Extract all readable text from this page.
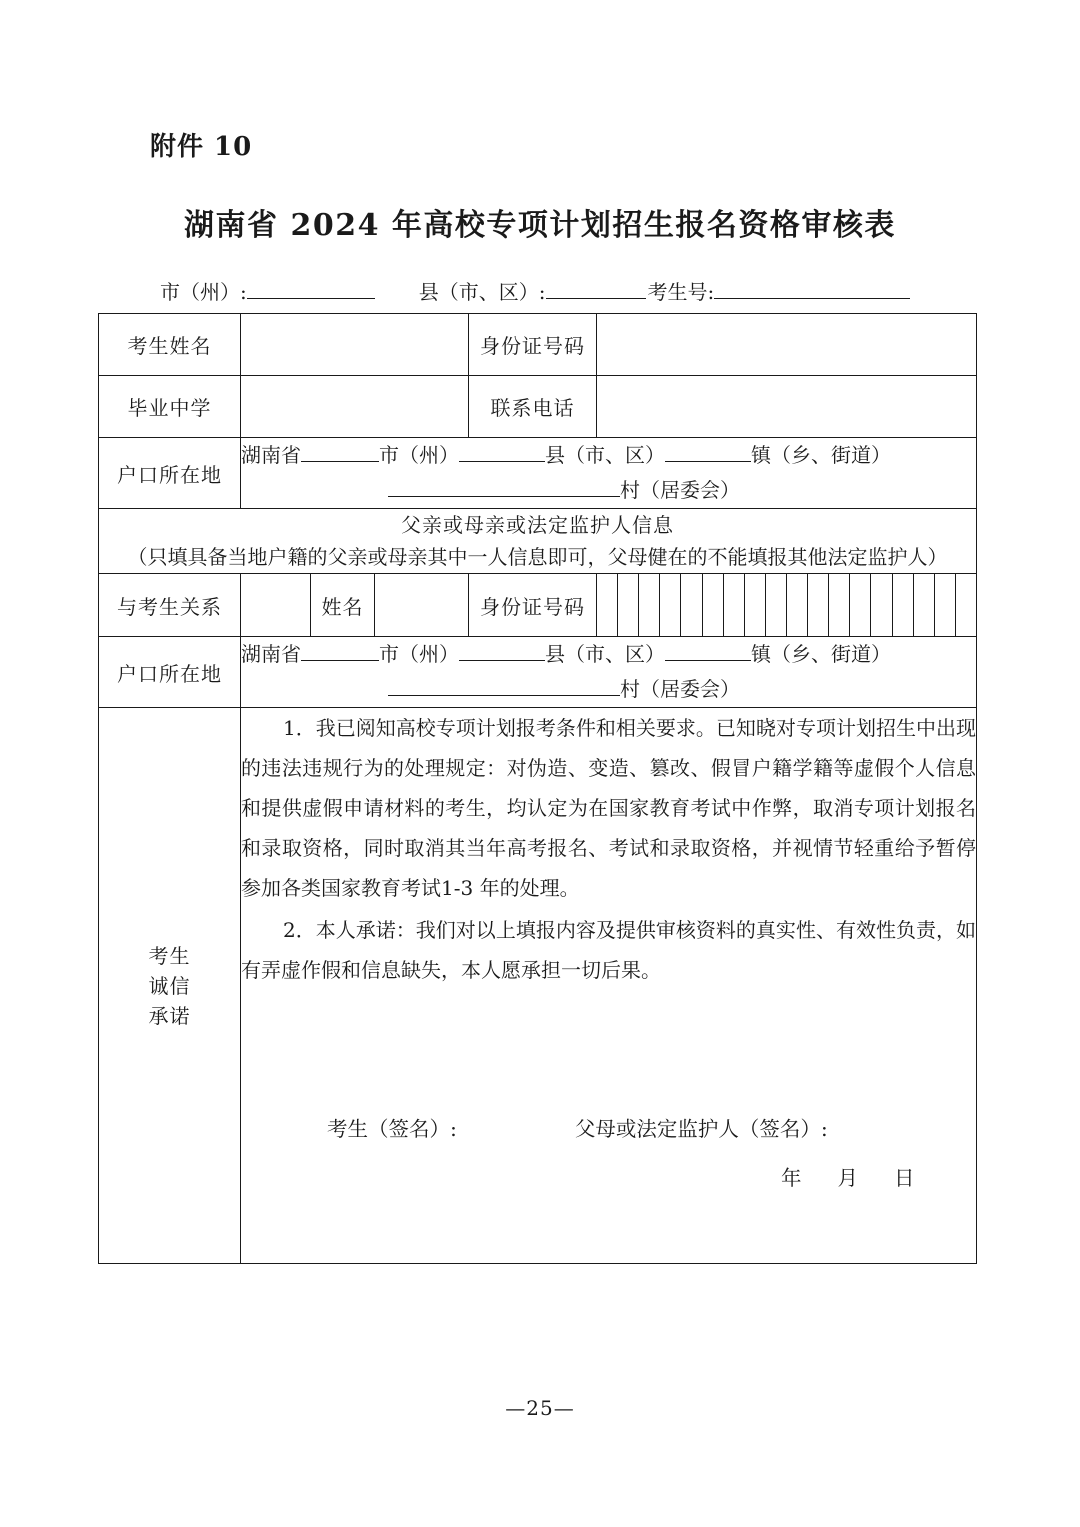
附件 10
湖南省 2024 年高校专项计划招生报名资格审核表
市（州）:	县（市、区）:	考生号:
考生姓名				身份证号码	
毕业中学				联系电话	
户口所在地	湖南省 市（州） 县（市、区） 镇（乡、街道）
村（居委会）				

父亲或母亲或法定监护人信息
（只填具备当地户籍的父亲或母亲其中一人信息即可，父母健在的不能填报其他法定监护人）					

与考生关系		姓名		身份证号码	

户口所在地	湖南省 市（州） 县（市、区） 镇（乡、街道）
村（居委会）				

考生
诚信
承诺

1．我已阅知高校专项计划报考条件和相关要求。已知晓对专项计划招生中出现的违法违规行为的处理规定：对伪造、变造、篡改、假冒户籍学籍等虚假个人信息和提供虚假申请材料的考生，均认定为在国家教育考试中作弊，取消专项计划报名和录取资格，同时取消其当年高考报名、考试和录取资格，并视情节轻重给予暂停参加各类国家教育考试1-3 年的处理。

2．本人承诺：我们对以上填报内容及提供审核资料的真实性、有效性负责，如有弄虚作假和信息缺失，本人愿承担一切后果。

考生（签名）:	父母或法定监护人（签名）:
年 月 日
—25—
